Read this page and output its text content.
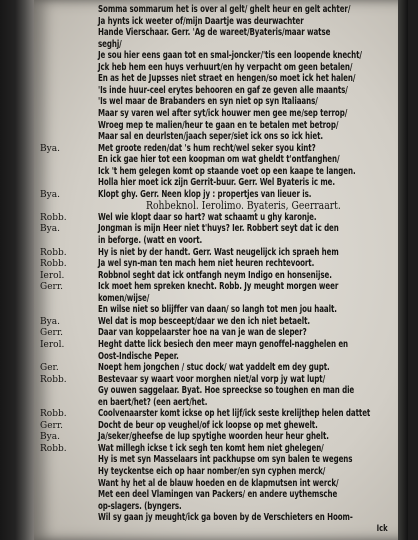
Somma sommarum het is over al gelt/ ghelt heur en gelt achter/
Ja hynts ick weeter of/mijn Daartje was deurwachter
Hande Vierschaar. Gerr. 'Ag de wareet/Byateris/maar watse
seghj/
Je sou hier eens gaan tot en smal-joncker/'tis een loopende knecht/
Jck heb hem een huys verhuurt/en hy verpacht om geen betalen/
En as het de Jupsses niet straet en hengen/so moet ick het halen/
'Is inde huur-ceel erytes behooren en gaf ze geven alle maants/
'Is wel maar de Brabanders en syn niet op syn Italiaans/
Maar sy varen wel after syt/ick houwer men gee me/sep terrop/
Wroeg mep te malien/heur te gaan en te betalen met betrop/
Maar sal en deurlsten/jaach seper/siet ick ons so ick hiet.
Bya.	Met groote reden/dat 's hum recht/wel seker syou kint?
En ick gae hier tot een koopman om wat gheldt t'ontfanghen/
Ick 't hem gelegen komt op staande voet op een kaape te langen.
Holla hier moet ick zijn Gerrit-buur. Gerr. Wel Byateris ic me.
Bya.	Klopt ghy. Gerr. Neen klop jy : propertjes van lieuer is.
Rohbeknol. Ierolimo. Byateris, Geerraart.
Robb.	Wel wie klopt daar so hart? wat schaamt u ghy karonje.
Bya.	Jongman is mijn Heer niet t'huys? Ier. Robbert seyt dat ic den
in beforge. (watt en voort.
Robb.	Hy is niet by der handt. Gerr. Wast neugelijck ich spraeh hem
Robb.	Ja wel syn-man ten mach hem niet heuren rechtevoort.
Ierol.	Robbnol seght dat ick ontfangh neym Indigo en honsenijse.
Gerr.	Ick moet hem spreken knecht. Robb. Jy meught morgen weer
komen/wijse/
En wilse niet so blijffer van daan/ so langh tot men jou haalt.
Bya.	Wel dat is mop besceept/daar we den ich niet betaelt.
Gerr.	Daar van koppelaarster hoe na van je wan de sleper?
Ierol.	Heght datte lick besiech den meer mayn genoffel-nagghelen en
Oost-Indische Peper.
Ger.	Noept hem jongchen / stuc dock/ wat yaddelt em dey gupt.
Robb.	Bestevaar sy waart voor morghen niet/al vorp jy wat lupt/
Gy ouwen saggelaar. Byat. Hoe spreeckse so toughen en man die
en baert/het? (een aert/het.
Robb.	Coolvenaarster komt ickse op het lijf/ick seste krelijthep helen dattet
Gerr.	Docht de beur op veughel/of ick loopse op met ghewelt.
Bya.	Ja/seker/gheefse de lup spytighe woorden heur heur ghelt.
Robb.	Wat millegh ickse t ick segh ten komt hem niet ghelegen/
Hy is met syn Masselaars int packhupse om syn balen te wegens
Hy teyckentse eich op haar nomber/en syn cyphen merck/
Want hy het al de blauw hoeden en de klapmutsen int werck/
Met een deel Vlamingen van Packers/ en andere uythemsche
op-slagers. (byngers.
Wil sy gaan jy meught/ick ga boven by de Verschieters en Hoom-
Ick
